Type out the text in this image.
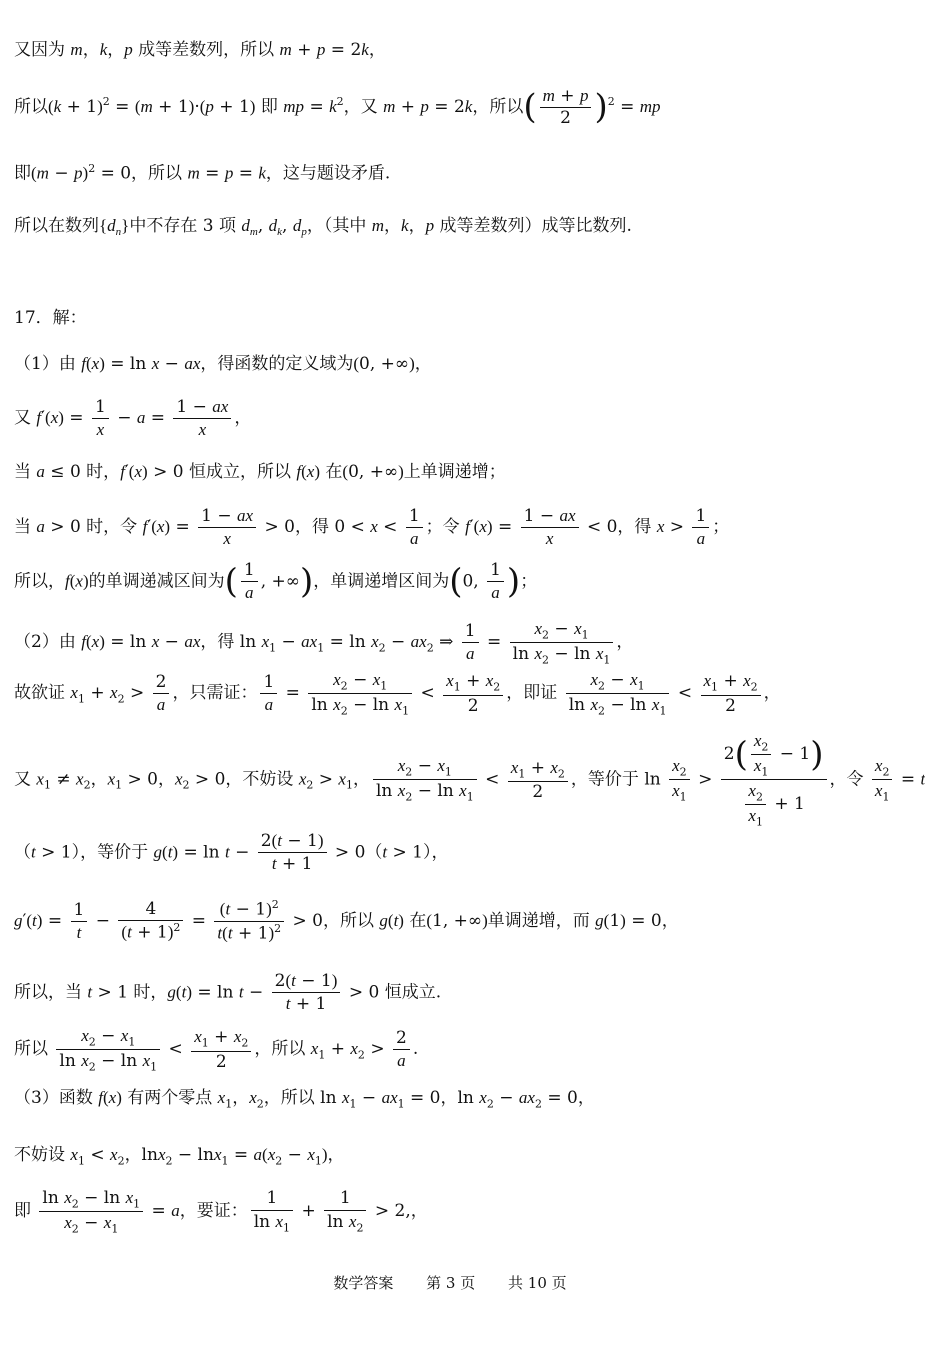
又因为 m，k，p 成等差数列，所以 m + p = 2k，
所以$(k + 1)^2 = (m + 1)\cdot(p + 1)$ 即 mp = $k^2$，又 m + p = 2k，所以( $\frac{m + p}{2} )^2$ = mp
即$(m - p)^2 = 0$，所以 m = p = k，这与题设矛盾.
所以在数列$\{d_n\}$中不存在 3 项 $d_m$, $d_k$, $d_p$，（其中 m，k，p 成等差数列）成等比数列.
17．解：
（1）由 f(x) = ln x − ax，得函数的定义域为(0, +∞)，
又 $f'(x) = \frac{1}{x} - a = \frac{1 - ax}{x}$ ，
当 a ≤ 0 时，f′(x) > 0 恒成立，所以 f(x) 在(0, +∞)上单调递增；
当 a > 0 时，令 $f'(x) = \frac{1 - ax}{x} > 0$，得 $0 < x < \frac{1}{a}$ ；令 $f'(x) = \frac{1 - ax}{x} < 0$，得 $x > \frac{1}{a}$ ；
所以，f(x)的单调递减区间为( $\frac{1}{a}$ , +∞)，单调递增区间为(0, $\frac{1}{a}$ )；
（2）由 f(x) = ln x − ax，得 $\ln x_1 - ax_1 = \ln x_2 - ax_2$ ⇒ $\frac{1}{a} = \frac{x_2 - x_1}{\ln x_2 - \ln x_1}$ ，
故欲证 $x_1 + x_2 > \frac{2}{a}$ ，只需证： $\frac{1}{a} = \frac{x_2 - x_1}{\ln x_2 - \ln x_1} < \frac{x_1 + x_2}{2}$ ，即证 $\frac{x_2 - x_1}{\ln x_2 - \ln x_1} < \frac{x_1 + x_2}{2}$ ，
又 $x_1 \ne x_2$，$x_1 > 0$，$x_2 > 0$，不妨设 $x_2 > x_1$， $\frac{x_2 - x_1}{\ln x_2 - \ln x_1} < \frac{x_1 + x_2}{2}$ ，等价于 $\ln \frac{x_2}{x_1} > \frac{2( \frac{x_2}{x_1} - 1)}{\frac{x_2}{x_1} + 1}$ ，令 $\frac{x_2}{x_1} = t$
（t > 1），等价于 $g(t) = \ln t - \frac{2(t - 1)}{t + 1} > 0(t > 1)$，
$g'(t) = \frac{1}{t} - \frac{4}{(t + 1)^2} = \frac{(t - 1)^2}{t(t + 1)^2} > 0$，所以 g(t) 在(1, +∞)单调递增，而 g(1) = 0，
所以，当 t > 1 时，$g(t) = \ln t - \frac{2(t - 1)}{t + 1} > 0$ 恒成立.
所以 $\frac{x_2 - x_1}{\ln x_2 - \ln x_1} < \frac{x_1 + x_2}{2}$ ，所以 $x_1 + x_2 > \frac{2}{a}$ .
（3）函数 f(x) 有两个零点 $x_1$，$x_2$，所以 $\ln x_1 - ax_1 = 0$，$\ln x_2 - ax_2 = 0$，
不妨设 $x_1 < x_2$，$\ln x_2 - \ln x_1 = a(x_2 - x_1)$，
即 $\frac{\ln x_2 - \ln x_1}{x_2 - x_1} = a$，要证： $\frac{1}{\ln x_1} + \frac{1}{\ln x_2} > 2$,，
数学答案 第 3 页 共 10 页
